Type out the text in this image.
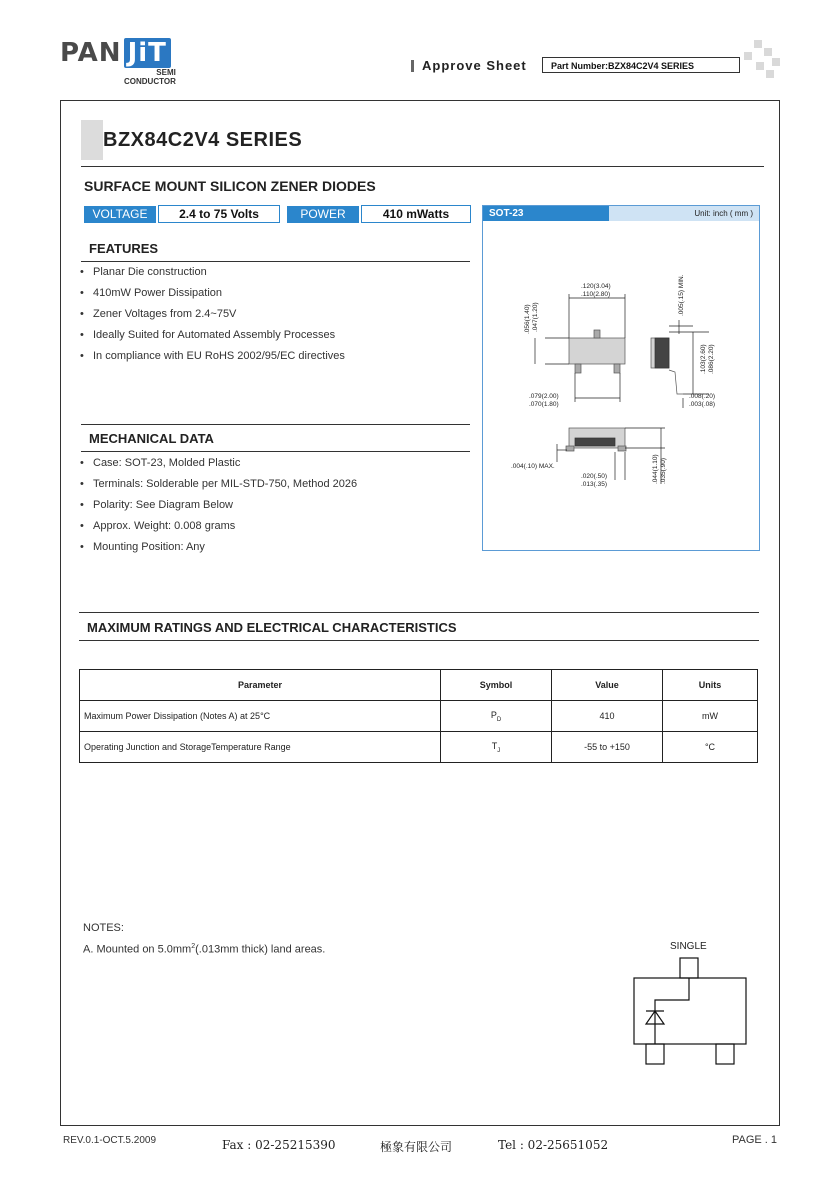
PAN JiT
SEMI
CONDUCTOR
Approve Sheet	Part Number:BZX84C2V4 SERIES
BZX84C2V4 SERIES
SURFACE MOUNT SILICON ZENER DIODES
VOLTAGE	2.4 to 75 Volts	POWER	410 mWatts
FEATURES
• Planar Die construction
• 410mW Power Dissipation
• Zener Voltages from 2.4~75V
• Ideally Suited for Automated Assembly Processes
• In compliance with EU RoHS 2002/95/EC directives
MECHANICAL DATA
• Case: SOT-23, Molded Plastic
• Terminals: Solderable per MIL-STD-750, Method 2026
• Polarity: See Diagram Below
• Approx. Weight: 0.008 grams
• Mounting Position: Any
SOT-23	Unit: inch ( mm )
.120(3.04)
.110(2.80)
.056(1.40) .047(1.20)
.005(.15) MIN.
.103(2.60) .086(2.20)
.079(2.00)
.070(1.80)
.008(.20)
.003(.08)
.004(.10) MAX.
.020(.50)
.013(.35)
.044(1.10) .035(.90)
MAXIMUM RATINGS AND ELECTRICAL CHARACTERISTICS
Parameter	Symbol	Value	Units
Maximum Power Dissipation (Notes A) at 25°C	$P_D$	410	mW
Operating Junction and StorageTemperature Range	$T_J$	-55 to +150	°C
NOTES:
A. Mounted on $5.0mm^2(.013mm$ thick) land areas.	SINGLE
REV.0.1-OCT.5.2009	Fax : 02-25215390	極象有限公司	Tel : 02-25651052	PAGE . 1
